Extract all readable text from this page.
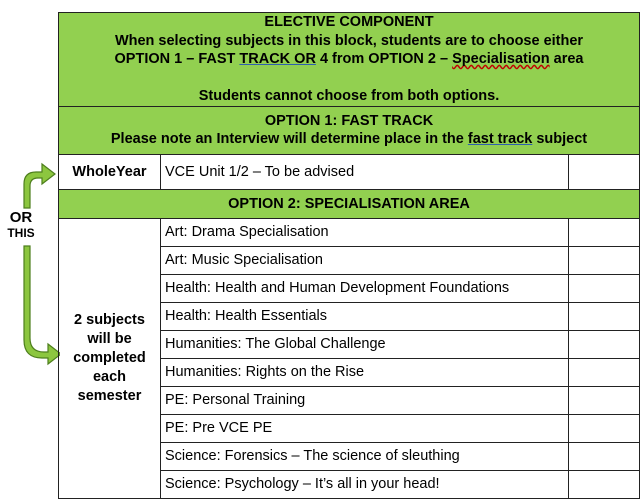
OR
THIS
ELECTIVE COMPONENT
When selecting subjects in this block, students are to choose either
OPTION 1 – FAST TRACK OR 4 from OPTION 2 – Specialisation area

Students cannot choose from both options.		

OPTION 1: FAST TRACK
Please note an Interview will determine place in the fast track subject		

WholeYear	VCE Unit 1/2 – To be advised	
OPTION 2: SPECIALISATION AREA		

2 subjects
will be
completed
each
semester	Art: Drama Specialisation	
	Art: Music Specialisation	
	Health: Health and Human Development Foundations	
	Health: Health Essentials	
	Humanities: The Global Challenge	
	Humanities: Rights on the Rise	
	PE: Personal Training	
	PE: Pre VCE PE	
	Science: Forensics – The science of sleuthing	
	Science: Psychology – It’s all in your head!	
